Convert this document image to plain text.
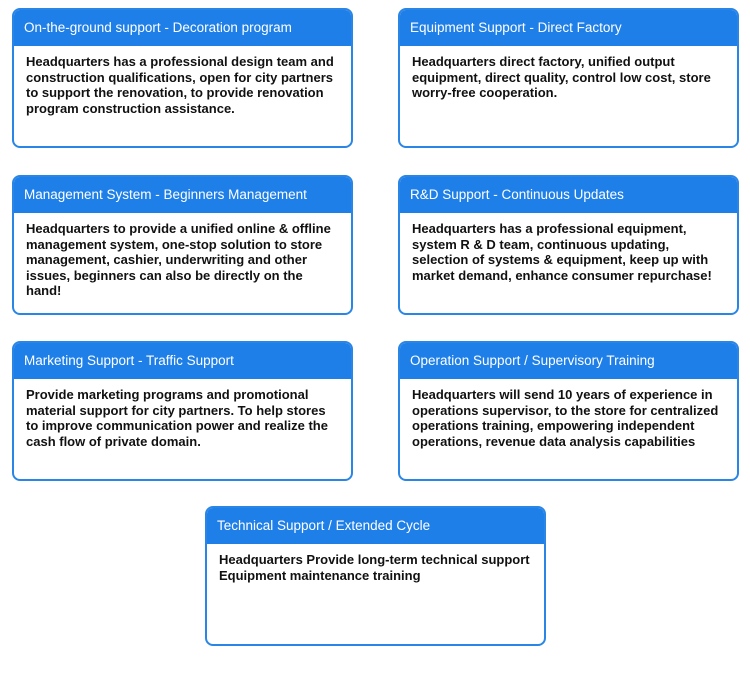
On-the-ground support - Decoration program
Headquarters has a professional design team and construction qualifications, open for city partners to support the renovation, to provide renovation program construction assistance.
Equipment Support - Direct Factory
Headquarters direct factory, unified output equipment, direct quality, control low cost, store worry-free cooperation.
Management System - Beginners Management
Headquarters to provide a unified online & offline management system, one-stop solution to store management, cashier, underwriting and other issues, beginners can also be directly on the hand!
R&D Support - Continuous Updates
Headquarters has a professional equipment, system R & D team, continuous updating, selection of systems & equipment, keep up with market demand, enhance consumer repurchase!
Marketing Support - Traffic Support
Provide marketing programs and promotional material support for city partners. To help stores to improve communication power and realize the cash flow of private domain.
Operation Support / Supervisory Training
Headquarters will send 10 years of experience in operations supervisor, to the store for centralized operations training, empowering independent operations, revenue data analysis capabilities
Technical Support / Extended Cycle
Headquarters Provide long-term technical support Equipment maintenance training
